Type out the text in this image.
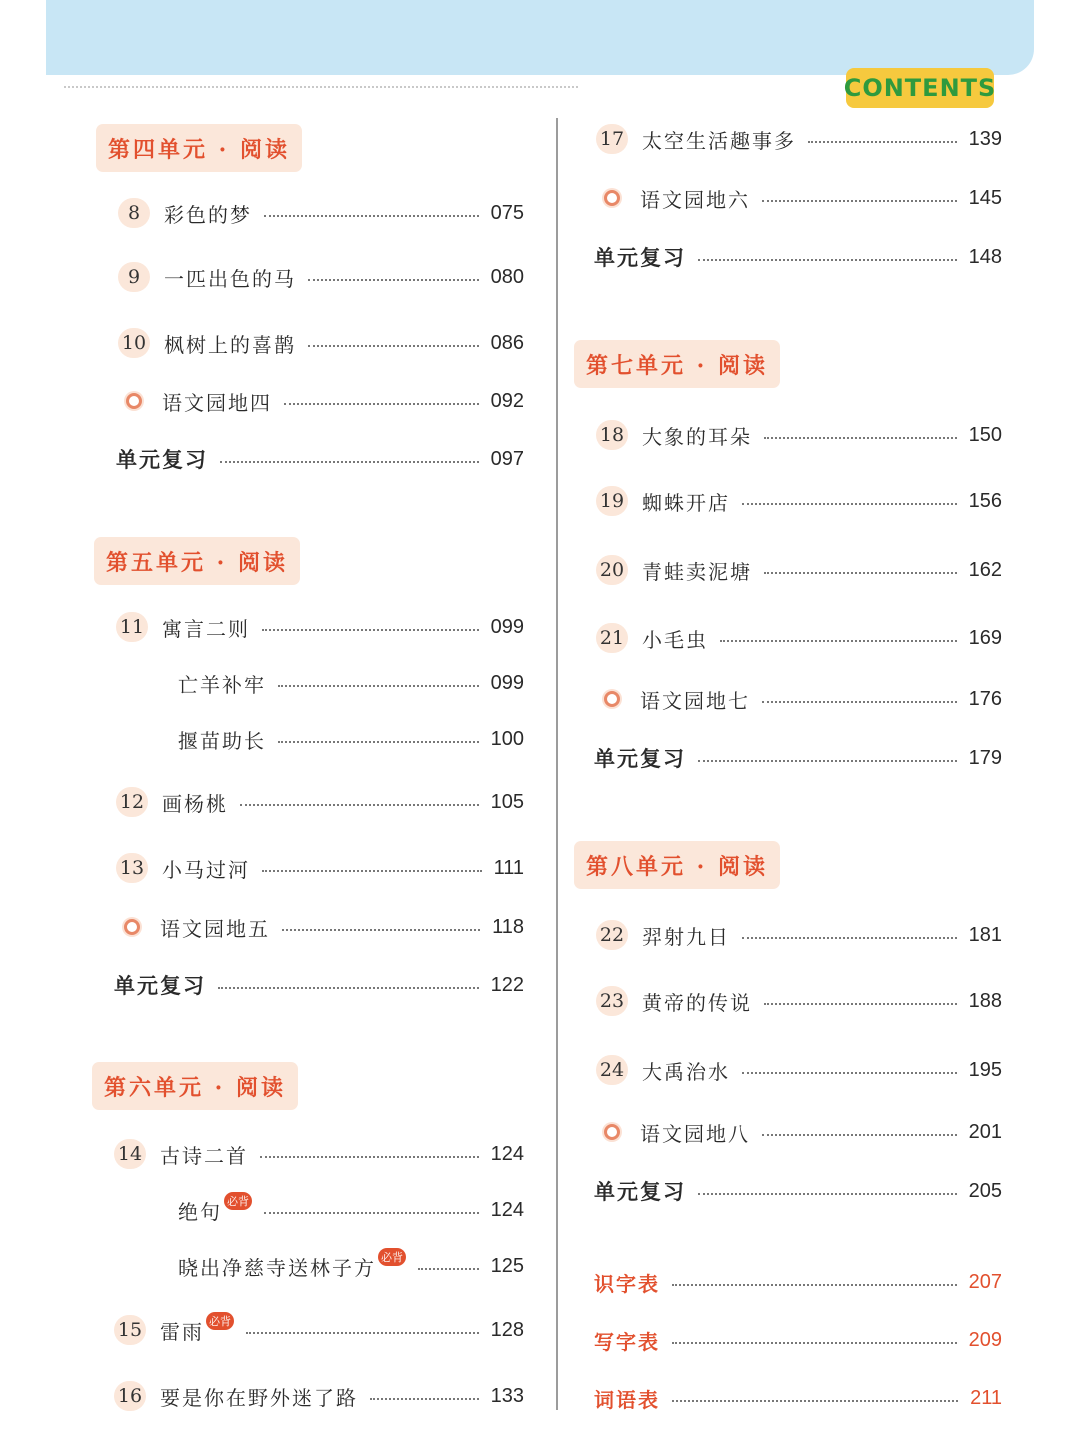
CONTENTS
第四单元 · 阅读
8	彩色的梦	075
9	一匹出色的马	080
10 枫树上的喜鹊	086
语文园地四	092
单元复习	097
第五单元 · 阅读
11 寓言二则	099
亡羊补牢	099
揠苗助长	100
12 画杨桃	105
13 小马过河	111
语文园地五	118
单元复习	122
第六单元 · 阅读
14 古诗二首	124
绝句 必背	124
晓出净慈寺送林子方 必背	125
15 雷雨 必背	128
16 要是你在野外迷了路	133
17 太空生活趣事多	139
语文园地六	145
单元复习	148
第七单元 · 阅读
18 大象的耳朵	150
19 蜘蛛开店	156
20 青蛙卖泥塘	162
21 小毛虫	169
语文园地七	176
单元复习	179
第八单元 · 阅读
22 羿射九日	181
23 黄帝的传说	188
24 大禹治水	195
语文园地八	201
单元复习	205
识字表	207
写字表	209
词语表	211
